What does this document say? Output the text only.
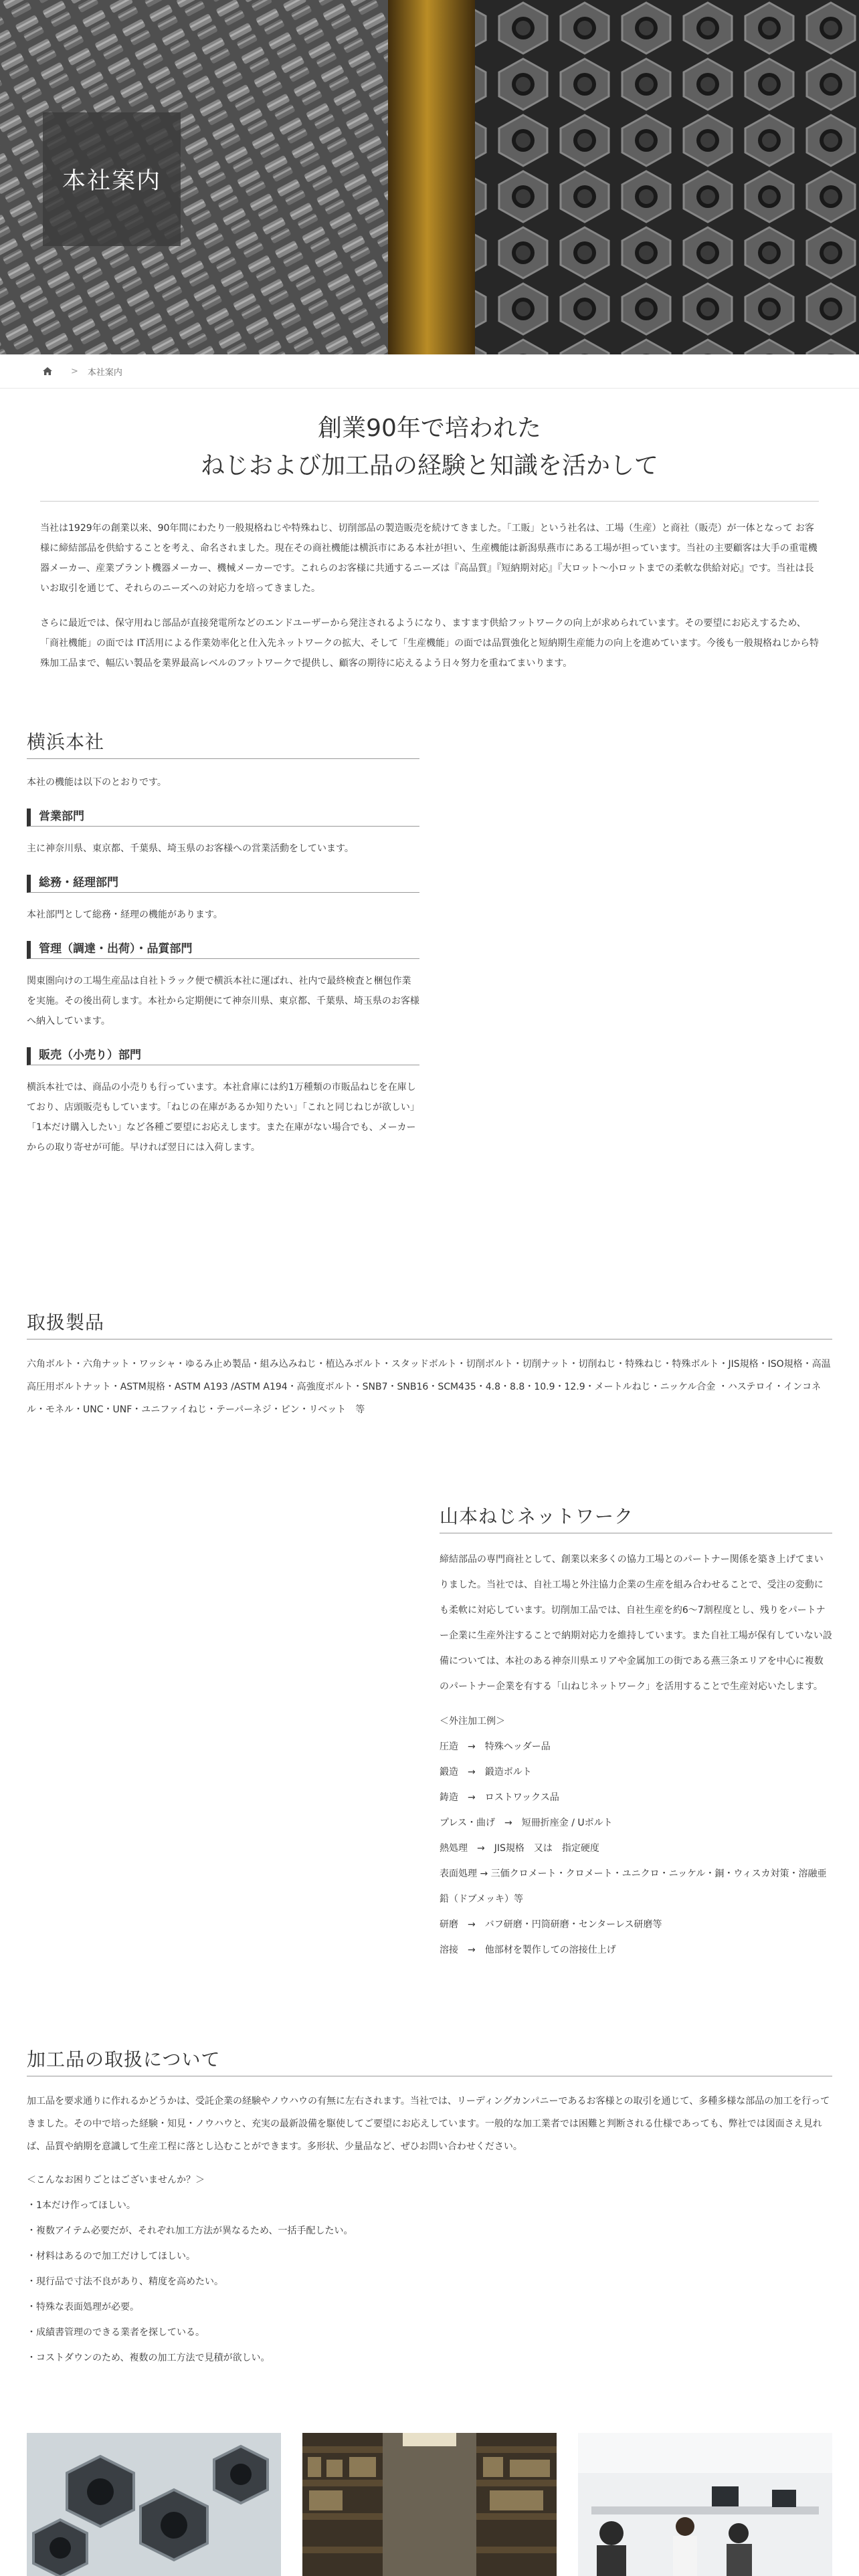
本社案内
> 本社案内
創業90年で培われた
ねじおよび加工品の経験と知識を活かして

当社は1929年の創業以来、90年間にわたり一般規格ねじや特殊ねじ、切削部品の製造販売を続けてきました。「工販」という社名は、工場（生産）と商社（販売）が一体となって お客様に締結部品を供給することを考え、命名されました。現在その商社機能は横浜市にある本社が担い、生産機能は新潟県燕市にある工場が担っています。当社の主要顧客は大手の重電機器メーカー、産業プラント機器メーカー、機械メーカーです。これらのお客様に共通するニーズは『高品質』『短納期対応』『大ロット〜小ロットまでの柔軟な供給対応』です。当社は長いお取引を通じて、それらのニーズへの対応力を培ってきました。

さらに最近では、保守用ねじ部品が直接発電所などのエンドユーザーから発注されるようになり、ますます供給フットワークの向上が求められています。その要望にお応えするため、「商社機能」の面では IT活用による作業効率化と仕入先ネットワークの拡大、そして「生産機能」の面では品質強化と短納期生産能力の向上を進めています。今後も一般規格ねじから特殊加工品まで、幅広い製品を業界最高レベルのフットワークで提供し、顧客の期待に応えるよう日々努力を重ねてまいります。

横浜本社

本社の機能は以下のとおりです。

営業部門

主に神奈川県、東京都、千葉県、埼玉県のお客様への営業活動をしています。

総務・経理部門

本社部門として総務・経理の機能があります。

管理（調達・出荷）・品質部門

関東圏向けの工場生産品は自社トラック便で横浜本社に運ばれ、社内で最終検査と梱包作業を実施。その後出荷します。本社から定期便にて神奈川県、東京都、千葉県、埼玉県のお客様へ納入しています。

販売（小売り）部門

横浜本社では、商品の小売りも行っています。本社倉庫には約1万種類の市販品ねじを在庫しており、店頭販売もしています。「ねじの在庫があるか知りたい」「これと同じねじが欲しい」「1本だけ購入したい」など各種ご要望にお応えします。また在庫がない場合でも、メーカーからの取り寄せが可能。早ければ翌日には入荷します。

取扱製品

六角ボルト・六角ナット・ワッシャ・ゆるみ止め製品・組み込みねじ・植込みボルト・スタッドボルト・切削ボルト・切削ナット・切削ねじ・特殊ねじ・特殊ボルト・JIS規格・ISO規格・高温高圧用ボルトナット・ASTM規格・ASTM A193 /ASTM A194・高強度ボルト・SNB7・SNB16・SCM435・4.8・8.8・10.9・12.9・メートルねじ・ニッケル合金 ・ハステロイ・インコネル・モネル・UNC・UNF・ユニファイねじ・テーパーネジ・ピン・リベット　等

山本ねじネットワーク

締結部品の専門商社として、創業以来多くの協力工場とのパートナー関係を築き上げてまいりました。当社では、自社工場と外注協力企業の生産を組み合わせることで、受注の変動にも柔軟に対応しています。切削加工品では、自社生産を約6〜7割程度とし、残りをパートナー企業に生産外注することで納期対応力を維持しています。また自社工場が保有していない設備については、本社のある神奈川県エリアや金属加工の街である燕三条エリアを中心に複数のパートナー企業を有する「山ねじネットワーク」を活用することで生産対応いたします。

＜外注加工例＞

圧造　→　特殊ヘッダー品
鍛造　→　鍛造ボルト
鋳造　→　ロストワックス品
プレス・曲げ　→　短冊折座金 / Uボルト
熱処理　→　JIS規格　又は　指定硬度
表面処理 → 三価クロメート・クロメート・ユニクロ・ニッケル・銅・ウィスカ対策・溶融亜鉛（ドブメッキ）等
研磨　→　バフ研磨・円筒研磨・センターレス研磨等
溶接　→　他部材を製作しての溶接仕上げ
加工品の取扱について

加工品を要求通りに作れるかどうかは、受託企業の経験やノウハウの有無に左右されます。当社では、リーディングカンパニーであるお客様との取引を通じて、多種多様な部品の加工を行ってきました。その中で培った経験・知見・ノウハウと、充実の最新設備を駆使してご要望にお応えしています。一般的な加工業者では困難と判断される仕様であっても、弊社では図面さえ見れば、品質や納期を意識して生産工程に落とし込むことができます。多形状、少量品など、ぜひお問い合わせください。

＜こんなお困りごとはございませんか？＞

・1本だけ作ってほしい。
・複数アイテム必要だが、それぞれ加工方法が異なるため、一括手配したい。
・材料はあるので加工だけしてほしい。
・現行品で寸法不良があり、精度を高めたい。
・特殊な表面処理が必要。
・成績書管理のできる業者を探している。
・コストダウンのため、複数の加工方法で見積が欲しい。
